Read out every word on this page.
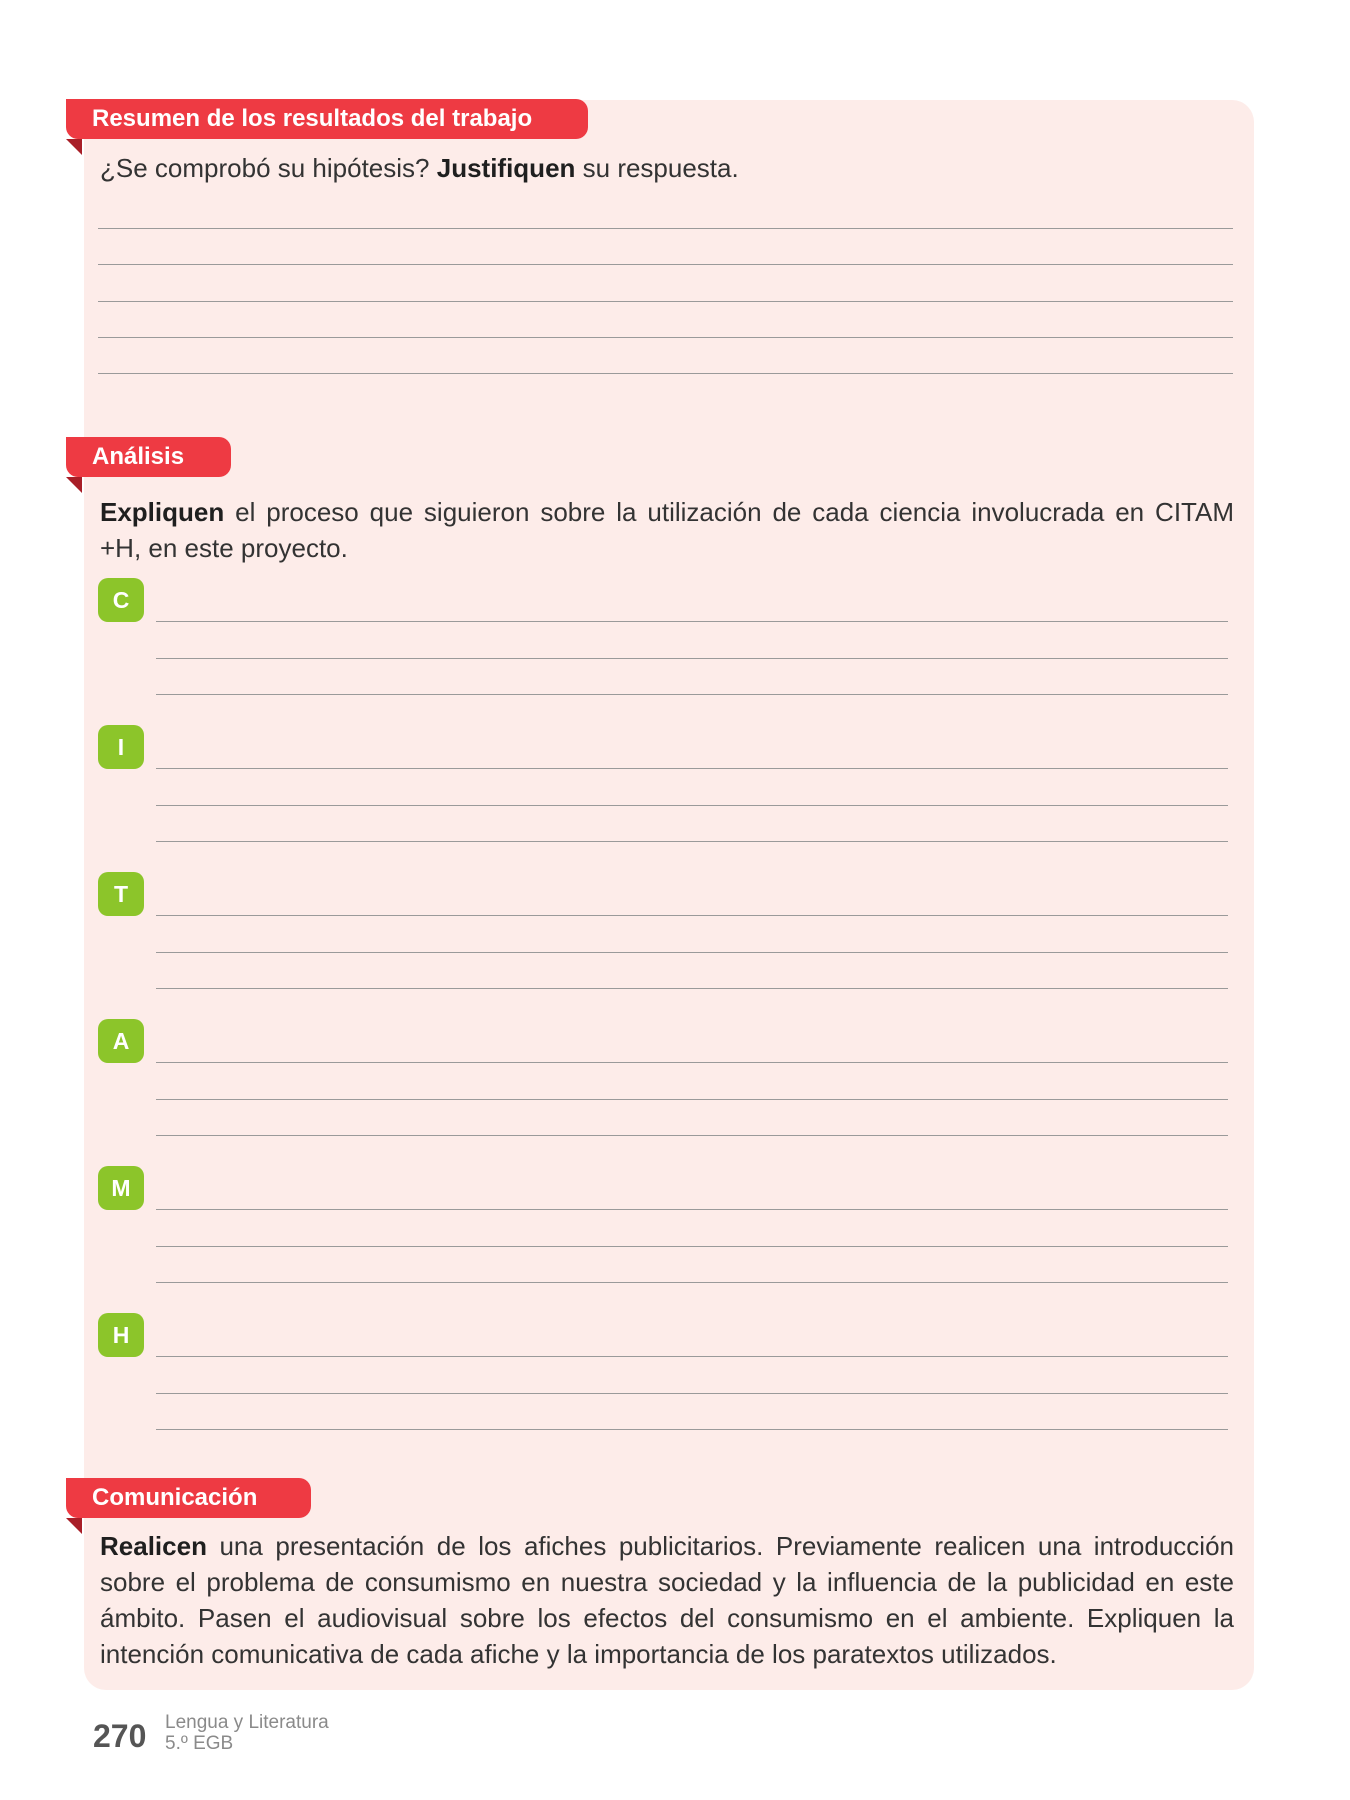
Resumen de los resultados del trabajo
¿Se comprobó su hipótesis? Justifiquen su respuesta.
Análisis
Expliquen el proceso que siguieron sobre la utilización de cada ciencia involucrada en CITAM +H, en este proyecto.
C
I
T
A
M
H
Comunicación
Realicen una presentación de los afiches publicitarios. Previamente realicen una introducción sobre el problema de consumismo en nuestra sociedad y la influencia de la publicidad en este ámbito. Pasen el audiovisual sobre los efectos del consumismo en el ambiente. Expliquen la intención comunicativa de cada afiche y la importancia de los paratextos utilizados.
270 Lengua y Literatura
5.º EGB
